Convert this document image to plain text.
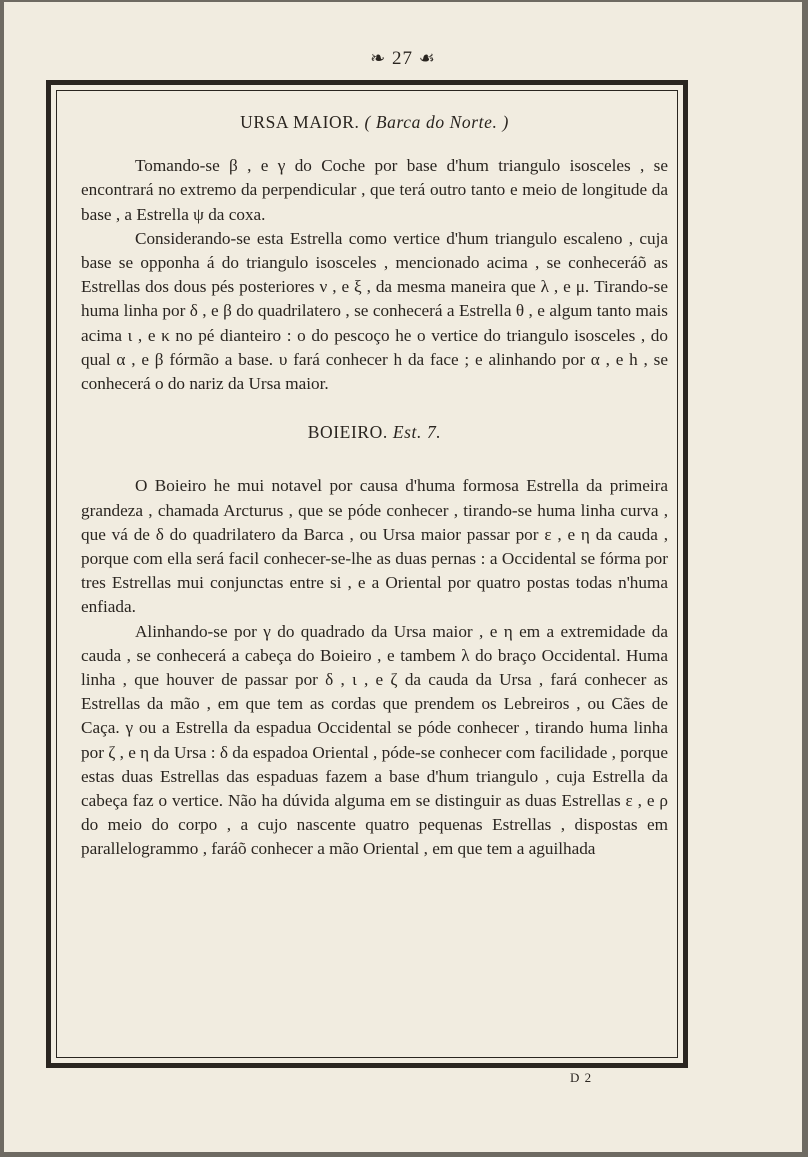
❧ 27 ☙
URSA MAIOR. ( Barca do Norte. )

Tomando-se β , e γ do Coche por base d'hum triangulo isosceles , se encontrará no extremo da perpendicular , que terá outro tanto e meio de longitude da base , a Estrella ψ da coxa.

Considerando-se esta Estrella como vertice d'hum triangulo escaleno , cuja base se opponha á do triangulo isosceles , mencionado acima , se conheceráõ as Estrellas dos dous pés posteriores ν , e ξ , da mesma maneira que λ , e μ. Tirando-se huma linha por δ , e β do quadrilatero , se conhecerá a Estrella θ , e algum tanto mais acima ι , e κ no pé dianteiro : ο do pescoço he o vertice do triangulo isosceles , do qual α , e β fórmão a base. υ fará conhecer h da face ; e alinhando por α , e h , se conhecerá ο do nariz da Ursa maior.

BOIEIRO. Est. 7.

O Boieiro he mui notavel por causa d'huma formosa Estrella da primeira grandeza , chamada Arcturus , que se póde conhecer , tirando-se huma linha curva , que vá de δ do quadrilatero da Barca , ou Ursa maior passar por ε , e η da cauda , porque com ella será facil conhecer-se-lhe as duas pernas : a Occidental se fórma por tres Estrellas mui conjunctas entre si , e a Oriental por quatro postas todas n'huma enfiada.

Alinhando-se por γ do quadrado da Ursa maior , e η em a extremidade da cauda , se conhecerá a cabeça do Boieiro , e tambem λ do braço Occidental. Huma linha , que houver de passar por δ , ι , e ζ da cauda da Ursa , fará conhecer as Estrellas da mão , em que tem as cordas que prendem os Lebreiros , ou Cães de Caça. γ ou a Estrella da espadua Occidental se póde conhecer , tirando huma linha por ζ , e η da Ursa : δ da espadoa Oriental , póde-se conhecer com facilidade , porque estas duas Estrellas das espaduas fazem a base d'hum triangulo , cuja Estrella da cabeça faz o vertice. Não ha dúvida alguma em se distinguir as duas Estrellas ε , e ρ do meio do corpo , a cujo nascente quatro pequenas Estrellas , dispostas em parallelogrammo , faráõ conhecer a mão Oriental , em que tem a aguilhada

D 2
